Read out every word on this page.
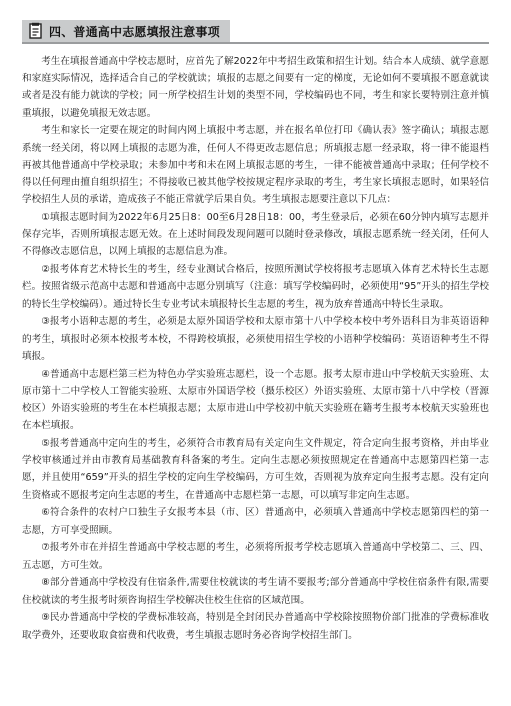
四、普通高中志愿填报注意事项

考生在填报普通高中学校志愿时，应首先了解2022年中考招生政策和招生计划。结合本人成绩、就学意愿和家庭实际情况，选择适合自己的学校就读；填报的志愿之间要有一定的梯度，无论如何不要填报不愿意就读或者是没有能力就读的学校；同一所学校招生计划的类型不同，学校编码也不同，考生和家长要特别注意并慎重填报，以避免填报无效志愿。

考生和家长一定要在规定的时间内网上填报中考志愿，并在报名单位打印《确认表》签字确认；填报志愿系统一经关闭，将以网上填报的志愿为准，任何人不得更改志愿信息；所填报志愿一经录取，将一律不能退档再被其他普通高中学校录取；未参加中考和未在网上填报志愿的考生，一律不能被普通高中录取；任何学校不得以任何理由擅自组织招生；不得接收已被其他学校按规定程序录取的考生，考生家长填报志愿时，如果轻信学校招生人员的承诺，造成孩子不能正常就学后果自负。考生填报志愿要注意以下几点：

①填报志愿时间为2022年6月25日8：00至6月28日18：00，考生登录后，必须在60分钟内填写志愿并保存完毕，否则所填报志愿无效。在上述时间段发现问题可以随时登录修改，填报志愿系统一经关闭，任何人不得修改志愿信息，以网上填报的志愿信息为准。

②报考体育艺术特长生的考生，经专业测试合格后，按照所测试学校将报考志愿填入体育艺术特长生志愿栏。按照省级示范高中志愿和普通高中志愿分别填写（注意：填写学校编码时，必须使用“95”开头的招生学校的特长生学校编码）。通过特长生专业考试未填报特长生志愿的考生，视为放弃普通高中特长生录取。

③报考小语种志愿的考生，必须是太原外国语学校和太原市第十八中学校本校中考外语科目为非英语语种的考生，填报时必须本校报考本校，不得跨校填报，必须使用招生学校的小语种学校编码：英语语种考生不得填报。

④普通高中志愿栏第三栏为特色办学实验班志愿栏，设一个志愿。报考太原市进山中学校航天实验班、太原市第十二中学校人工智能实验班、太原市外国语学校（摄乐校区）外语实验班、太原市第十八中学校（晋源校区）外语实验班的考生在本栏填报志愿；太原市进山中学校初中航天实验班在籍考生报考本校航天实验班也在本栏填报。

⑤报考普通高中定向生的考生，必须符合市教育局有关定向生文件规定，符合定向生报考资格，并由毕业学校审核通过并由市教育局基础教育科备案的考生。定向生志愿必须按照规定在普通高中志愿第四栏第一志愿，并且使用“659”开头的招生学校的定向生学校编码，方可生效，否则视为放弃定向生报考志愿。没有定向生资格或不愿报考定向生志愿的考生，在普通高中志愿栏第一志愿，可以填写非定向生志愿。

⑥符合条件的农村户口独生子女报考本县（市、区）普通高中，必须填入普通高中学校志愿第四栏的第一志愿，方可享受照顾。

⑦报考外市在并招生普通高中学校志愿的考生，必须将所报考学校志愿填入普通高中学校第二、三、四、五志愿，方可生效。

⑧部分普通高中学校没有住宿条件,需要住校就读的考生请不要报考;部分普通高中学校住宿条件有限,需要住校就读的考生报考时须咨询招生学校解决住校生住宿的区域范围。

⑨民办普通高中学校的学费标准较高，特别是全封闭民办普通高中学校除按照物价部门批准的学费标准收取学费外，还要收取食宿费和代收费，考生填报志愿时务必咨询学校招生部门。
